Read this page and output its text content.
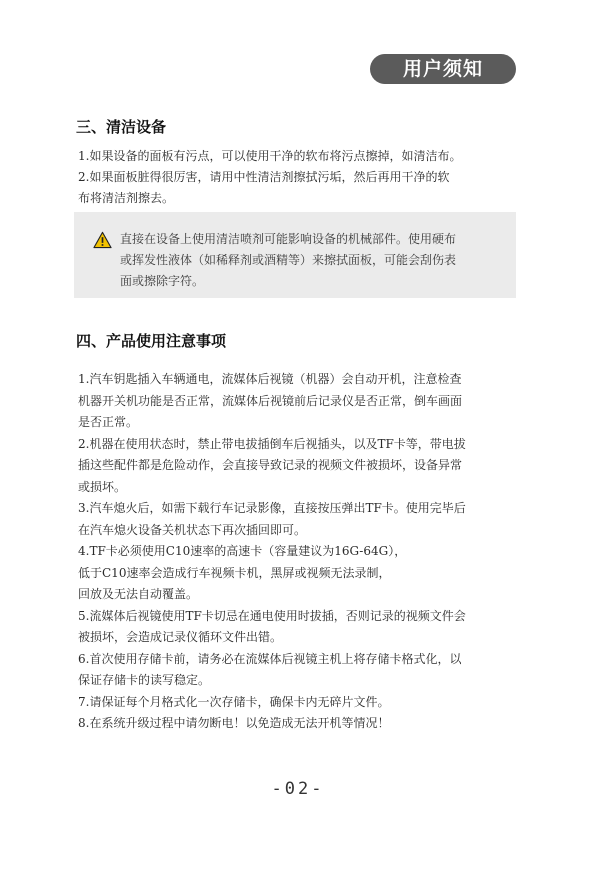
用户须知
三、清洁设备

1.如果设备的面板有污点，可以使用干净的软布将污点擦掉，如清洁布。

2.如果面板脏得很厉害，请用中性清洁剂擦拭污垢，然后再用干净的软

布将清洁剂擦去。

直接在设备上使用清洁喷剂可能影响设备的机械部件。使用硬布
或挥发性液体（如稀释剂或酒精等）来擦拭面板，可能会刮伤表
面或擦除字符。
四、产品使用注意事项

1.汽车钥匙插入车辆通电，流媒体后视镜（机器）会自动开机，注意检查

机器开关机功能是否正常，流媒体后视镜前后记录仪是否正常，倒车画面

是否正常。

2.机器在使用状态时，禁止带电拔插倒车后视插头，以及TF卡等，带电拔

插这些配件都是危险动作，会直接导致记录的视频文件被损坏，设备异常

或损坏。

3.汽车熄火后，如需下载行车记录影像，直接按压弹出TF卡。使用完毕后

在汽车熄火设备关机状态下再次插回即可。

4.TF卡必须使用C10速率的高速卡（容量建议为16G-64G），

低于C10速率会造成行车视频卡机，黑屏或视频无法录制，

回放及无法自动覆盖。

5.流媒体后视镜使用TF卡切忌在通电使用时拔插，否则记录的视频文件会

被损坏，会造成记录仪循环文件出错。

6.首次使用存储卡前，请务必在流媒体后视镜主机上将存储卡格式化，以

保证存储卡的读写稳定。

7.请保证每个月格式化一次存储卡，确保卡内无碎片文件。

8.在系统升级过程中请勿断电！以免造成无法开机等情况！

-02-
